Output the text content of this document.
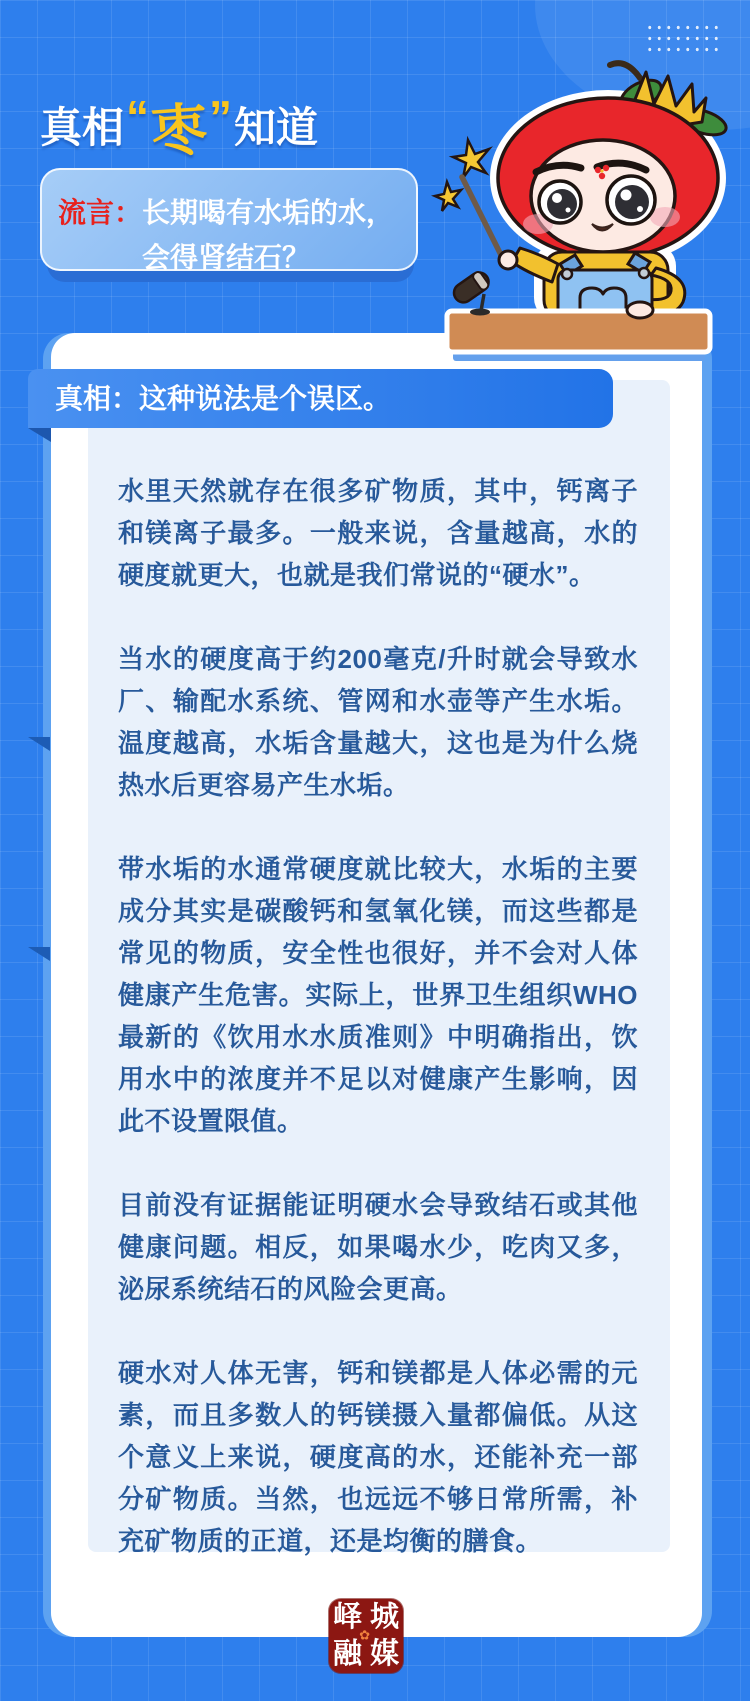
真相 “ 枣 ” 知道
流言： 长期喝有水垢的水，
会得肾结石？
真相：这种说法是个误区。

水里天然就存在很多矿物质，其中，钙离子和镁离子最多。一般来说，含量越高，水的硬度就更大，也就是我们常说的“硬水”。

当水的硬度高于约200毫克/升时就会导致水厂、输配水系统、管网和水壶等产生水垢。温度越高，水垢含量越大，这也是为什么烧热水后更容易产生水垢。

带水垢的水通常硬度就比较大，水垢的主要成分其实是碳酸钙和氢氧化镁，而这些都是常见的物质，安全性也很好，并不会对人体健康产生危害。实际上，世界卫生组织WHO最新的《饮用水水质准则》中明确指出，饮用水中的浓度并不足以对健康产生影响，因此不设置限值。

目前没有证据能证明硬水会导致结石或其他健康问题。相反，如果喝水少，吃肉又多，泌尿系统结石的风险会更高。

硬水对人体无害，钙和镁都是人体必需的元素，而且多数人的钙镁摄入量都偏低。从这个意义上来说，硬度高的水，还能补充一部分矿物质。当然，也远远不够日常所需，补充矿物质的正道，还是均衡的膳食。

✿
峄 城
融 媒
